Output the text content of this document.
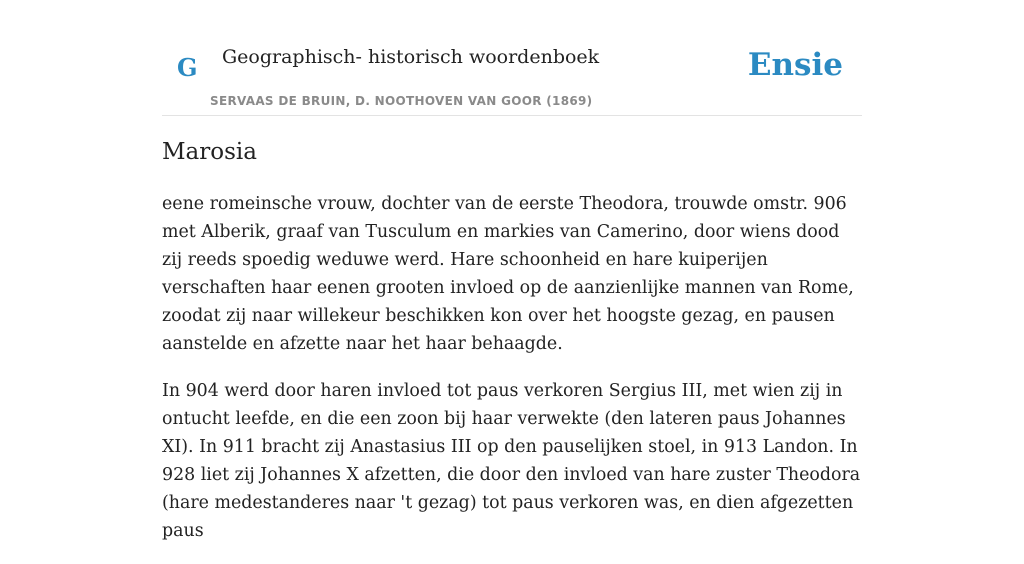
G Geographisch- historisch woordenboek
SERVAAS DE BRUIN, D. NOOTHOVEN VAN GOOR (1869)
Ensie
Marosia

eene romeinsche vrouw, dochter van de eerste Theodora, trouwde omstr. 906 met Alberik, graaf van Tusculum en markies van Camerino, door wiens dood zij reeds spoedig weduwe werd. Hare schoonheid en hare kuiperijen verschaften haar eenen grooten invloed op de aanzienlijke mannen van Rome, zoodat zij naar willekeur beschikken kon over het hoogste gezag, en pausen aanstelde en afzette naar het haar behaagde.

In 904 werd door haren invloed tot paus verkoren Sergius III, met wien zij in ontucht leefde, en die een zoon bij haar verwekte (den lateren paus Johannes XI). In 911 bracht zij Anastasius III op den pauselijken stoel, in 913 Landon. In 928 liet zij Johannes X afzetten, die door den invloed van hare zuster Theodora (hare medestanderes naar 't gezag) tot paus verkoren was, en dien afgezetten paus
